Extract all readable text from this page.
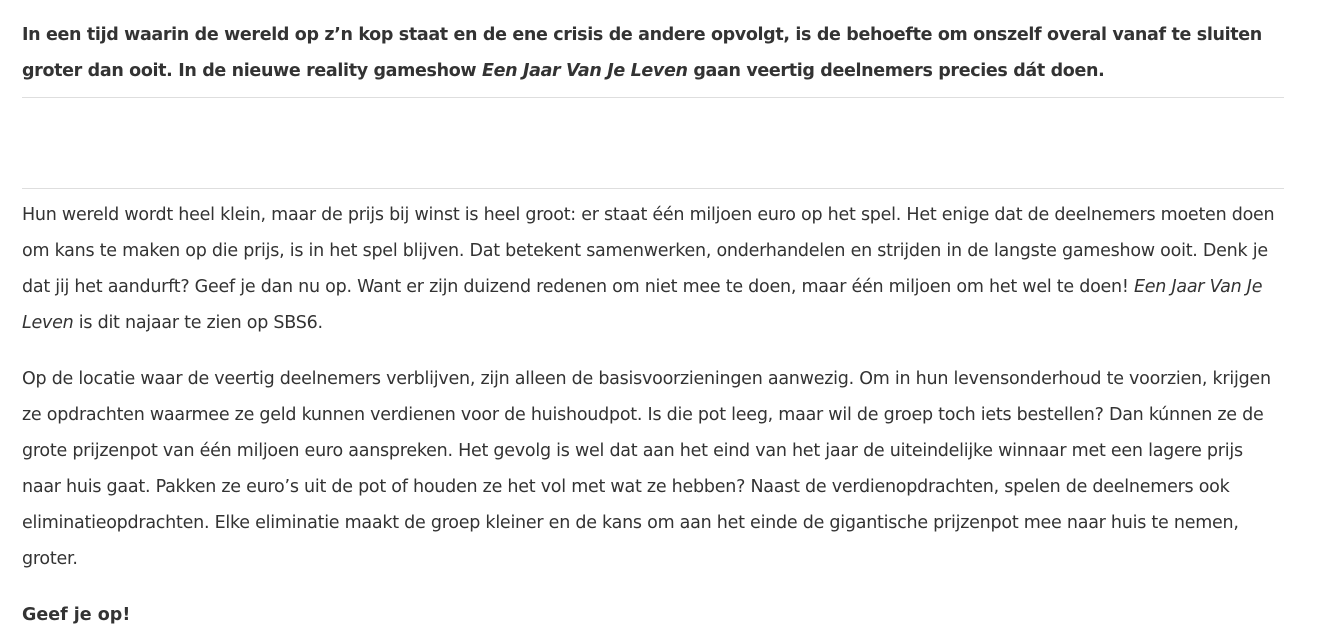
In een tijd waarin de wereld op z’n kop staat en de ene crisis de andere opvolgt, is de behoefte om onszelf overal vanaf te sluiten groter dan ooit. In de nieuwe reality gameshow Een Jaar Van Je Leven gaan veertig deelnemers precies dát doen.

Hun wereld wordt heel klein, maar de prijs bij winst is heel groot: er staat één miljoen euro op het spel. Het enige dat de deelnemers moeten doen om kans te maken op die prijs, is in het spel blijven. Dat betekent samenwerken, onderhandelen en strijden in de langste gameshow ooit. Denk je dat jij het aandurft? Geef je dan nu op. Want er zijn duizend redenen om niet mee te doen, maar één miljoen om het wel te doen! Een Jaar Van Je Leven is dit najaar te zien op SBS6.

Op de locatie waar de veertig deelnemers verblijven, zijn alleen de basisvoorzieningen aanwezig. Om in hun levensonderhoud te voorzien, krijgen ze opdrachten waarmee ze geld kunnen verdienen voor de huishoudpot. Is die pot leeg, maar wil de groep toch iets bestellen? Dan kúnnen ze de grote prijzenpot van één miljoen euro aanspreken. Het gevolg is wel dat aan het eind van het jaar de uiteindelijke winnaar met een lagere prijs naar huis gaat. Pakken ze euro’s uit de pot of houden ze het vol met wat ze hebben? Naast de verdienopdrachten, spelen de deelnemers ook eliminatieopdrachten. Elke eliminatie maakt de groep kleiner en de kans om aan het einde de gigantische prijzenpot mee naar huis te nemen, groter.

Geef je op!
